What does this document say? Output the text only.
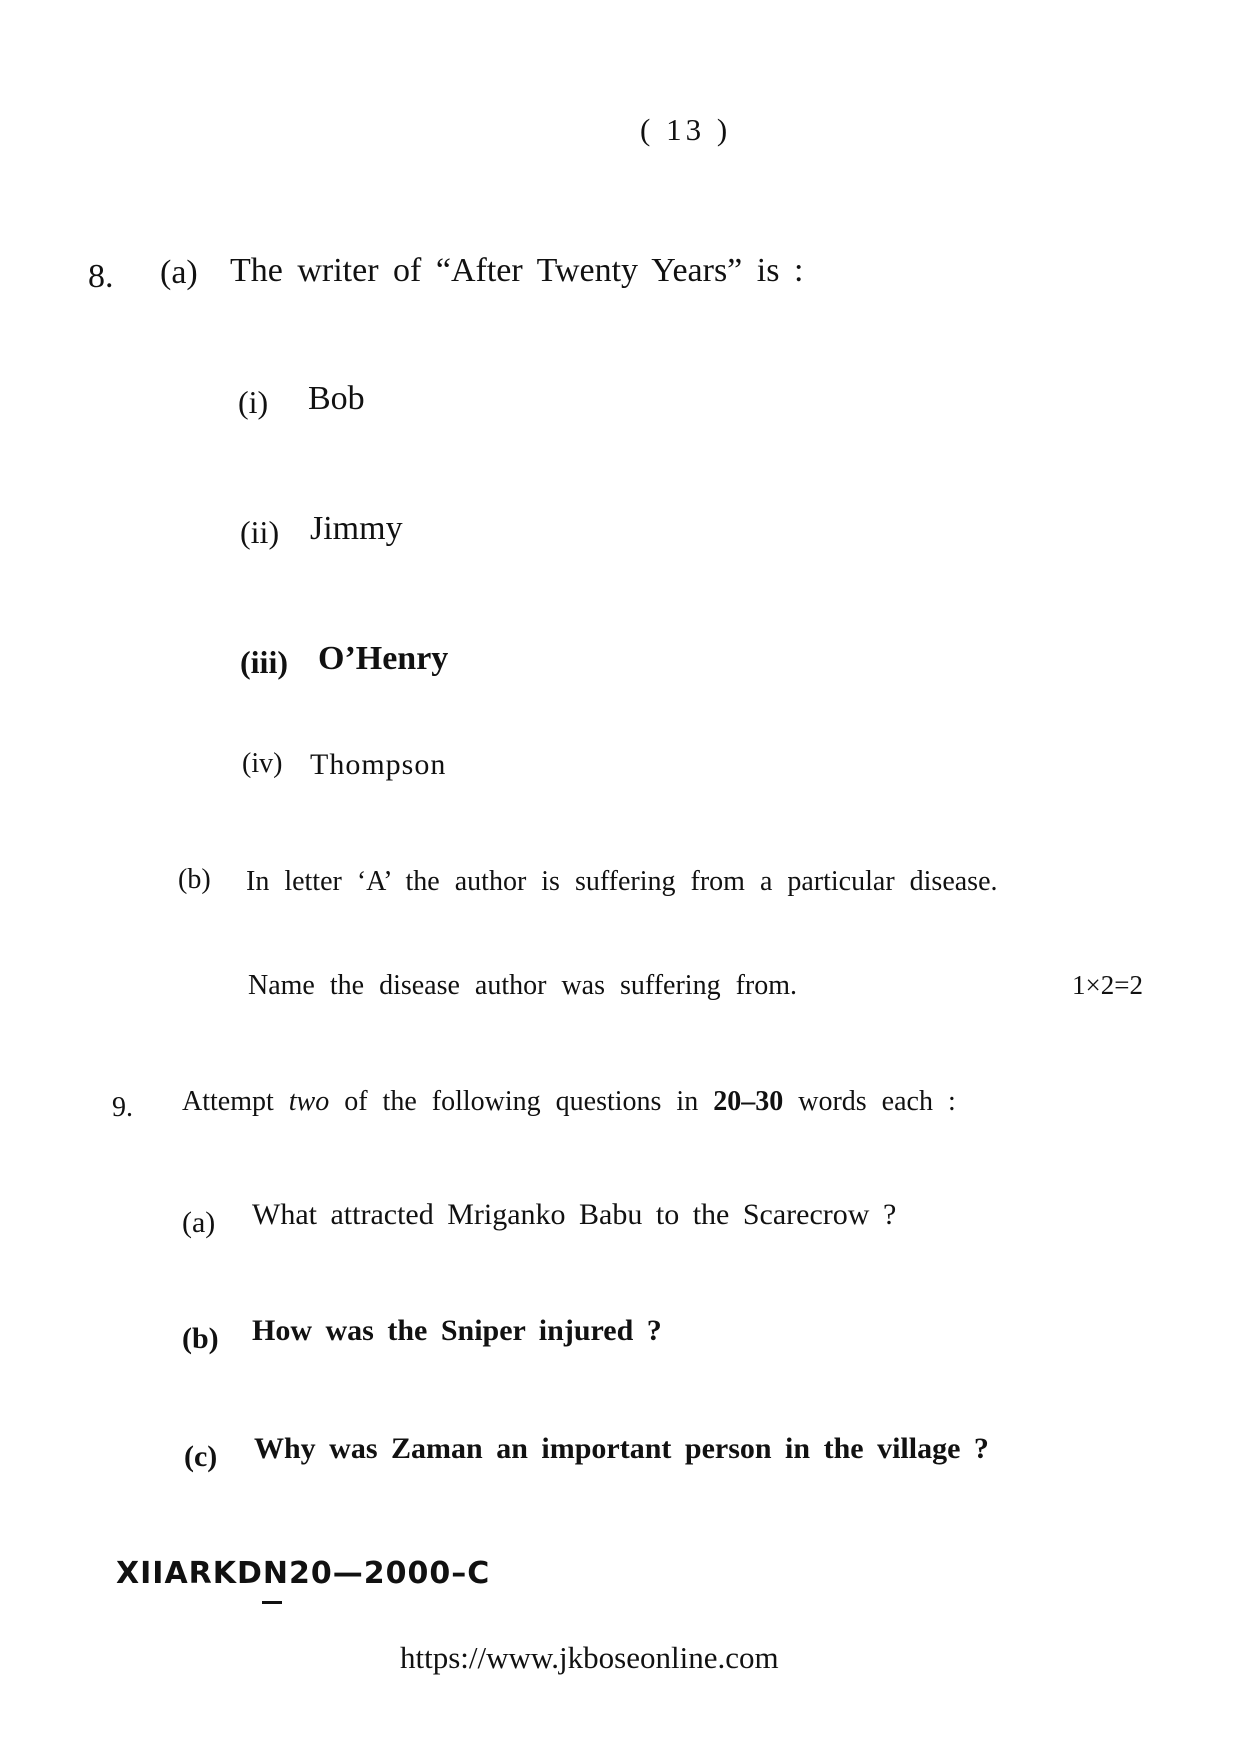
( 13 )
8. (a) The writer of “After Twenty Years” is :
(i) Bob
(ii) Jimmy
(iii) O’Henry
(iv) Thompson
(b) In letter ‘A’ the author is suffering from a particular disease.
Name the disease author was suffering from.	1×2=2
9. Attempt two of the following questions in 20–30 words each :
(a) What attracted Mriganko Babu to the Scarecrow ?
(b) How was the Sniper injured ?
(c) Why was Zaman an important person in the village ?
XIIARKDN20—2000–C
https://www.jkboseonline.com
